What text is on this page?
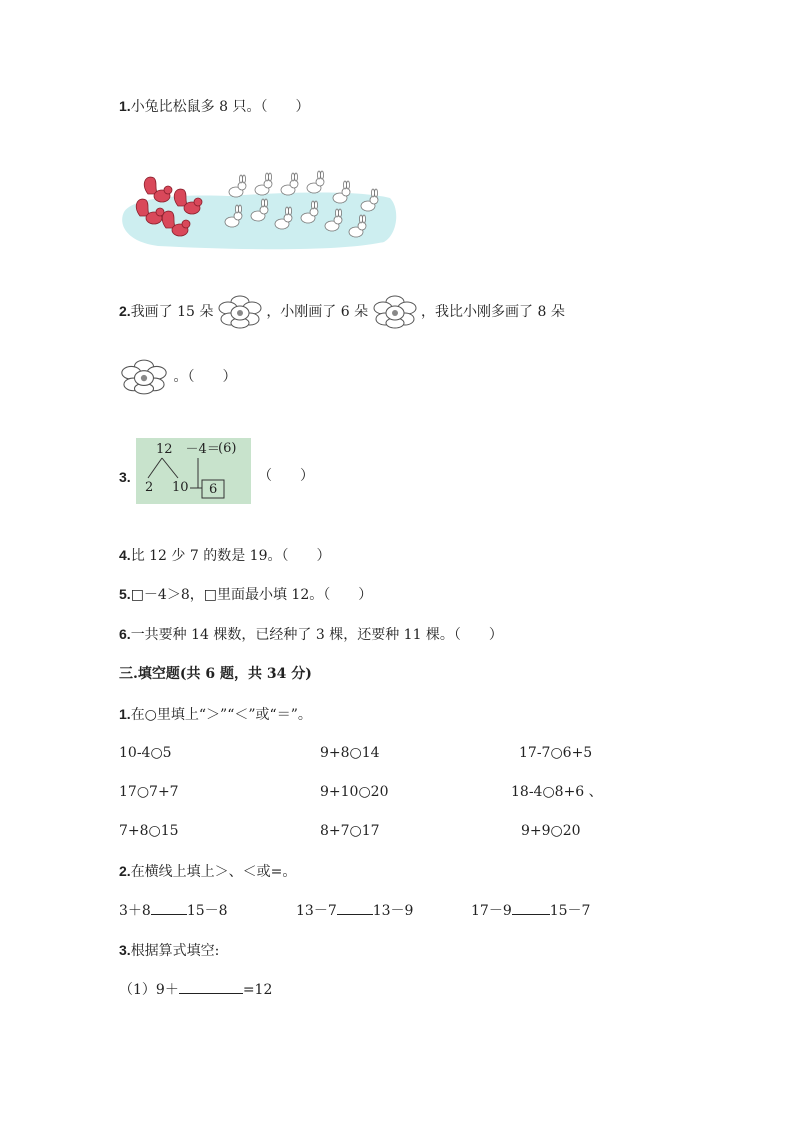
1.小兔比松鼠多 8 只。（　　）
2.我画了 15 朵	，小刚画了 6 朵	，我比小刚多画了 8 朵
。（　　）
3.
12　－4＝
(6)
2 10 6
（　　）
4.比 12 少 7 的数是 19。（　　）
5.□－4＞8，□里面最小填 12。（　　）
6.一共要种 14 棵数，已经种了 3 棵，还要种 11 棵。（　　）
三.填空题(共 6 题，共 34 分)
1.在○里填上“＞”“＜”或“＝”。
10-4○5	9+8○14	17-7○6+5
17○7+7	9+10○20	18-4○8+6 、
7+8○15	8+7○17	9+9○20
2.在横线上填上＞、＜或=。
3＋8	15－8	13－7	13－9	17－9	15－7
3.根据算式填空:
（1）9＋	=12
